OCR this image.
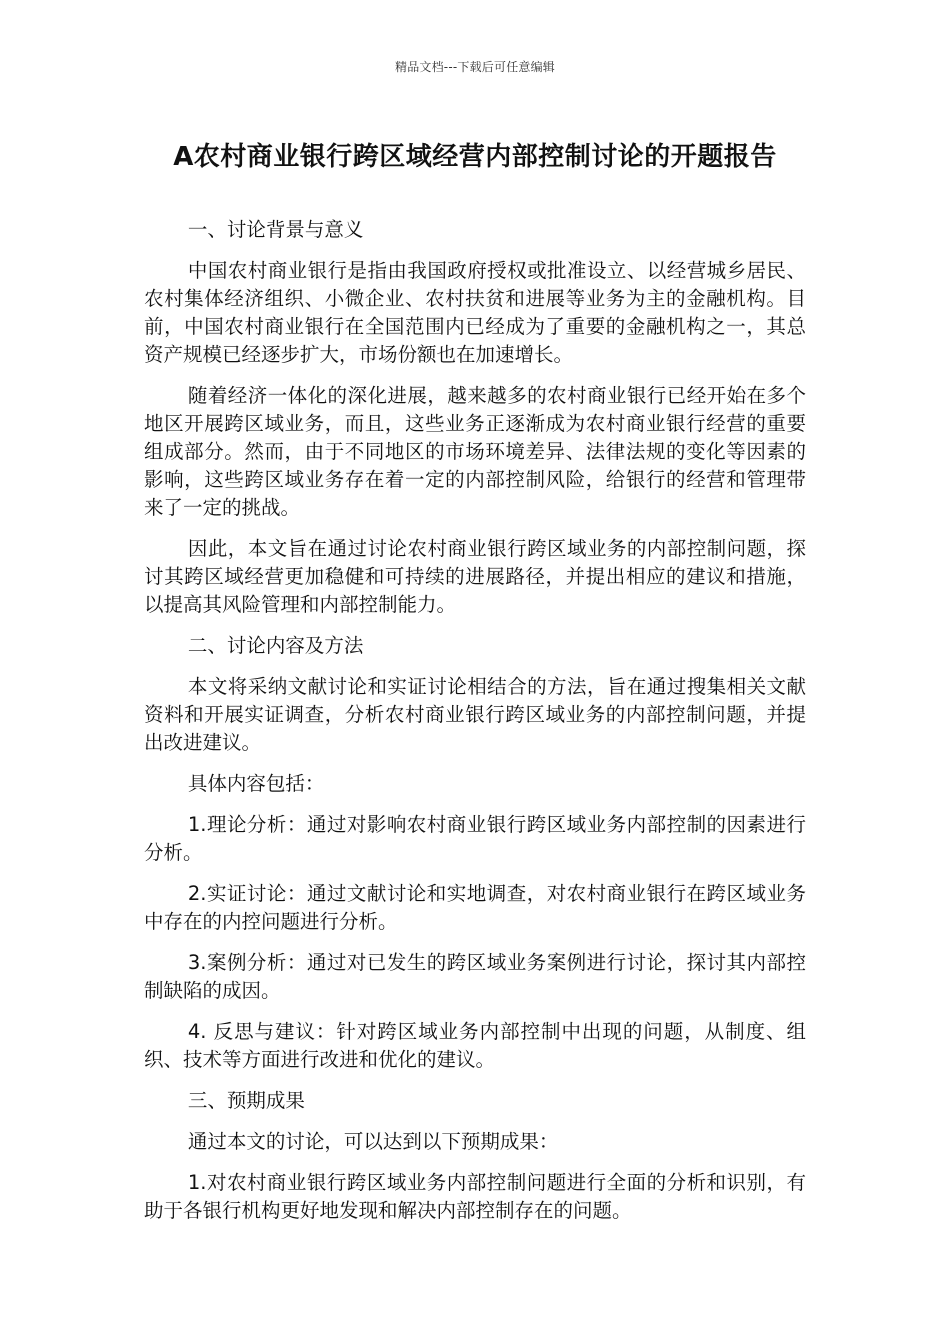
精品文档---下载后可任意编辑
A农村商业银行跨区域经营内部控制讨论的开题报告

一、讨论背景与意义

中国农村商业银行是指由我国政府授权或批准设立、以经营城乡居民、农村集体经济组织、小微企业、农村扶贫和进展等业务为主的金融机构。目前，中国农村商业银行在全国范围内已经成为了重要的金融机构之一，其总资产规模已经逐步扩大，市场份额也在加速增长。

随着经济一体化的深化进展，越来越多的农村商业银行已经开始在多个地区开展跨区域业务，而且，这些业务正逐渐成为农村商业银行经营的重要组成部分。然而，由于不同地区的市场环境差异、法律法规的变化等因素的影响，这些跨区域业务存在着一定的内部控制风险，给银行的经营和管理带来了一定的挑战。

因此，本文旨在通过讨论农村商业银行跨区域业务的内部控制问题，探讨其跨区域经营更加稳健和可持续的进展路径，并提出相应的建议和措施，以提高其风险管理和内部控制能力。

二、讨论内容及方法

本文将采纳文献讨论和实证讨论相结合的方法，旨在通过搜集相关文献资料和开展实证调查，分析农村商业银行跨区域业务的内部控制问题，并提出改进建议。

具体内容包括：

1.理论分析：通过对影响农村商业银行跨区域业务内部控制的因素进行分析。

2.实证讨论：通过文献讨论和实地调查，对农村商业银行在跨区域业务中存在的内控问题进行分析。

3.案例分析：通过对已发生的跨区域业务案例进行讨论，探讨其内部控制缺陷的成因。

4. 反思与建议：针对跨区域业务内部控制中出现的问题，从制度、组织、技术等方面进行改进和优化的建议。

三、预期成果

通过本文的讨论，可以达到以下预期成果：

1.对农村商业银行跨区域业务内部控制问题进行全面的分析和识别，有助于各银行机构更好地发现和解决内部控制存在的问题。
